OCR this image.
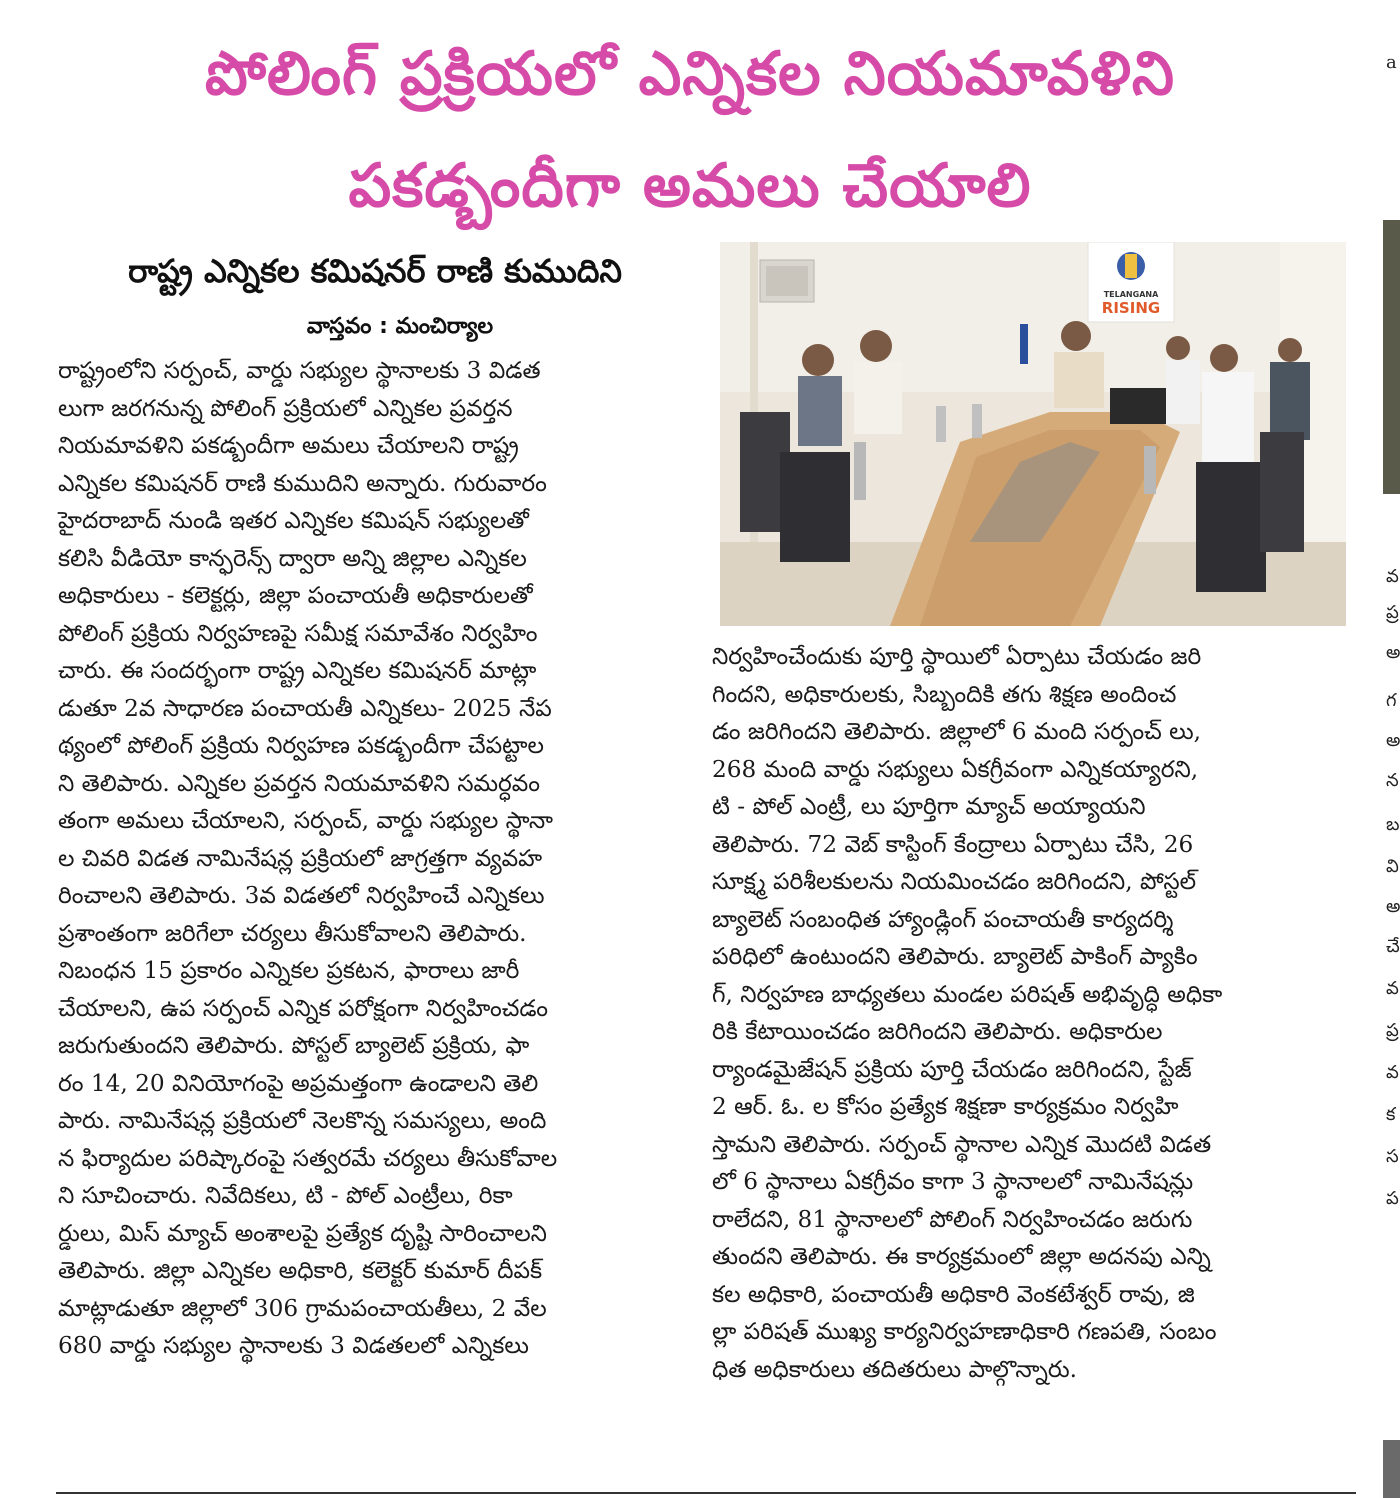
పోలింగ్ ప్రక్రియలో ఎన్నికల నియమావళిని
పకడ్బందీగా అమలు చేయాలి
రాష్ట్ర ఎన్నికల కమిషనర్ రాణి కుముదిని
వాస్తవం : మంచిర్యాల
రాష్ట్రంలోని సర్పంచ్, వార్డు సభ్యుల స్థానాలకు 3 విడత
లుగా జరగనున్న పోలింగ్ ప్రక్రియలో ఎన్నికల ప్రవర్తన
నియమావళిని పకడ్బందీగా అమలు చేయాలని రాష్ట్ర
ఎన్నికల కమిషనర్ రాణి కుముదిని అన్నారు. గురువారం
హైదరాబాద్ నుండి ఇతర ఎన్నికల కమిషన్ సభ్యులతో
కలిసి వీడియో కాన్ఫరెన్స్ ద్వారా అన్ని జిల్లాల ఎన్నికల
అధికారులు - కలెక్టర్లు, జిల్లా పంచాయతీ అధికారులతో
పోలింగ్ ప్రక్రియ నిర్వహణపై సమీక్ష సమావేశం నిర్వహిం
చారు. ఈ సందర్భంగా రాష్ట్ర ఎన్నికల కమిషనర్ మాట్లా
డుతూ 2వ సాధారణ పంచాయతీ ఎన్నికలు- 2025 నేప
థ్యంలో పోలింగ్ ప్రక్రియ నిర్వహణ పకడ్బందీగా చేపట్టాల
ని తెలిపారు. ఎన్నికల ప్రవర్తన నియమావళిని సమర్ధవం
తంగా అమలు చేయాలని, సర్పంచ్, వార్డు సభ్యుల స్థానా
ల చివరి విడత నామినేషన్ల ప్రక్రియలో జాగ్రత్తగా వ్యవహ
రించాలని తెలిపారు. 3వ విడతలో నిర్వహించే ఎన్నికలు
ప్రశాంతంగా జరిగేలా చర్యలు తీసుకోవాలని తెలిపారు.
నిబంధన 15 ప్రకారం ఎన్నికల ప్రకటన, ఫారాలు జారీ
చేయాలని, ఉప సర్పంచ్ ఎన్నిక పరోక్షంగా నిర్వహించడం
జరుగుతుందని తెలిపారు. పోస్టల్ బ్యాలెట్ ప్రక్రియ, ఫా
రం 14, 20 వినియోగంపై అప్రమత్తంగా ఉండాలని తెలి
పారు. నామినేషన్ల ప్రక్రియలో నెలకొన్న సమస్యలు, అంది
న ఫిర్యాదుల పరిష్కారంపై సత్వరమే చర్యలు తీసుకోవాల
ని సూచించారు. నివేదికలు, టి - పోల్ ఎంట్రీలు, రికా
ర్డులు, మిస్ మ్యాచ్ అంశాలపై ప్రత్యేక దృష్టి సారించాలని
తెలిపారు. జిల్లా ఎన్నికల అధికారి, కలెక్టర్ కుమార్ దీపక్
మాట్లాడుతూ జిల్లాలో 306 గ్రామపంచాయతీలు, 2 వేల
680 వార్డు సభ్యుల స్థానాలకు 3 విడతలలో ఎన్నికలు
TELANGANA
RISING
నిర్వహించేందుకు పూర్తి స్థాయిలో ఏర్పాటు చేయడం జరి
గిందని, అధికారులకు, సిబ్బందికి తగు శిక్షణ అందించ
డం జరిగిందని తెలిపారు. జిల్లాలో 6 మంది సర్పంచ్ లు,
268 మంది వార్డు సభ్యులు ఏకగ్రీవంగా ఎన్నికయ్యారని,
టి - పోల్ ఎంట్రీ, లు పూర్తిగా మ్యాచ్ అయ్యాయని
తెలిపారు. 72 వెబ్ కాస్టింగ్ కేంద్రాలు ఏర్పాటు చేసి, 26
సూక్ష్మ పరిశీలకులను నియమించడం జరిగిందని, పోస్టల్
బ్యాలెట్ సంబంధిత హ్యాండ్లింగ్ పంచాయతీ కార్యదర్శి
పరిధిలో ఉంటుందని తెలిపారు. బ్యాలెట్ పాకింగ్ ప్యాకిం
గ్, నిర్వహణ బాధ్యతలు మండల పరిషత్ అభివృద్ధి అధికా
రికి కేటాయించడం జరిగిందని తెలిపారు. అధికారుల
ర్యాండమైజేషన్ ప్రక్రియ పూర్తి చేయడం జరిగిందని, స్టేజ్
2 ఆర్. ఓ. ల కోసం ప్రత్యేక శిక్షణా కార్యక్రమం నిర్వహి
స్తామని తెలిపారు. సర్పంచ్ స్థానాల ఎన్నిక మొదటి విడత
లో 6 స్థానాలు ఏకగ్రీవం కాగా 3 స్థానాలలో నామినేషన్లు
రాలేదని, 81 స్థానాలలో పోలింగ్ నిర్వహించడం జరుగు
తుందని తెలిపారు. ఈ కార్యక్రమంలో జిల్లా అదనపు ఎన్ని
కల అధికారి, పంచాయతీ అధికారి వెంకటేశ్వర్ రావు, జి
ల్లా పరిషత్ ముఖ్య కార్యనిర్వహణాధికారి గణపతి, సంబం
ధిత అధికారులు తదితరులు పాల్గొన్నారు.
a
వ
ప్ర
అ
గ
అ
న
బ
వి
అ
చే
వ
ప్ర
వ
క
స
ప
